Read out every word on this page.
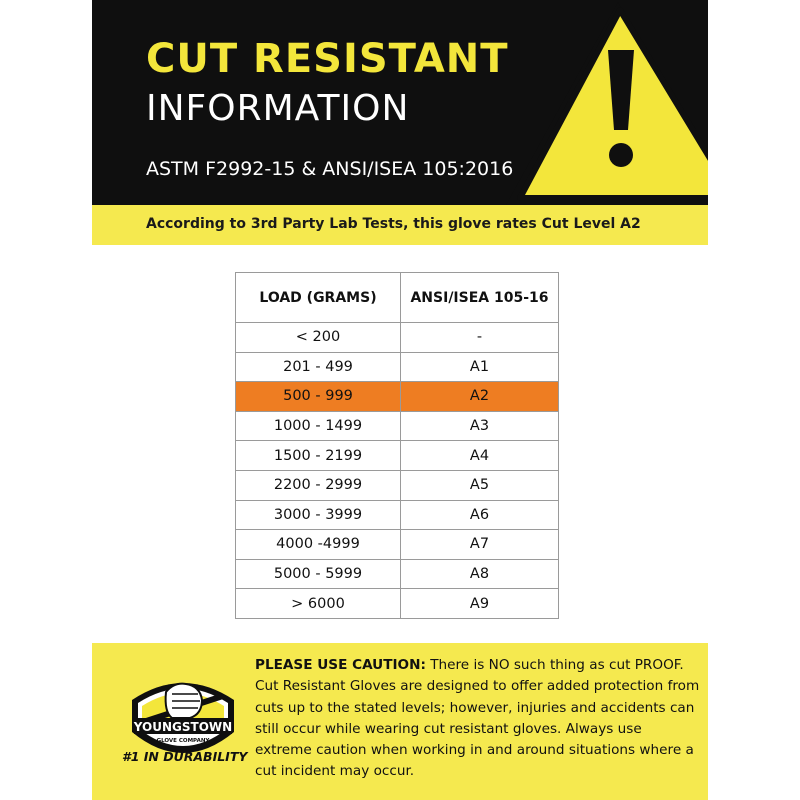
CUT RESISTANT
INFORMATION
ASTM F2992-15 & ANSI/ISEA 105:2016
According to 3rd Party Lab Tests, this glove rates Cut Level A2
LOAD (GRAMS)	ANSI/ISEA 105-16
< 200	-
201 - 499	A1
500 - 999	A2
1000 - 1499	A3
1500 - 2199	A4
2200 - 2999	A5
3000 - 3999	A6
4000 -4999	A7
5000 - 5999	A8
> 6000	A9
YOUNGSTOWN
GLOVE COMPANY
#1 IN DURABILITY
PLEASE USE CAUTION: There is NO such thing as cut PROOF. Cut Resistant Gloves are designed to offer added protection from cuts up to the stated levels; however, injuries and accidents can still occur while wearing cut resistant gloves. Always use extreme caution when working in and around situations where a cut incident may occur.
